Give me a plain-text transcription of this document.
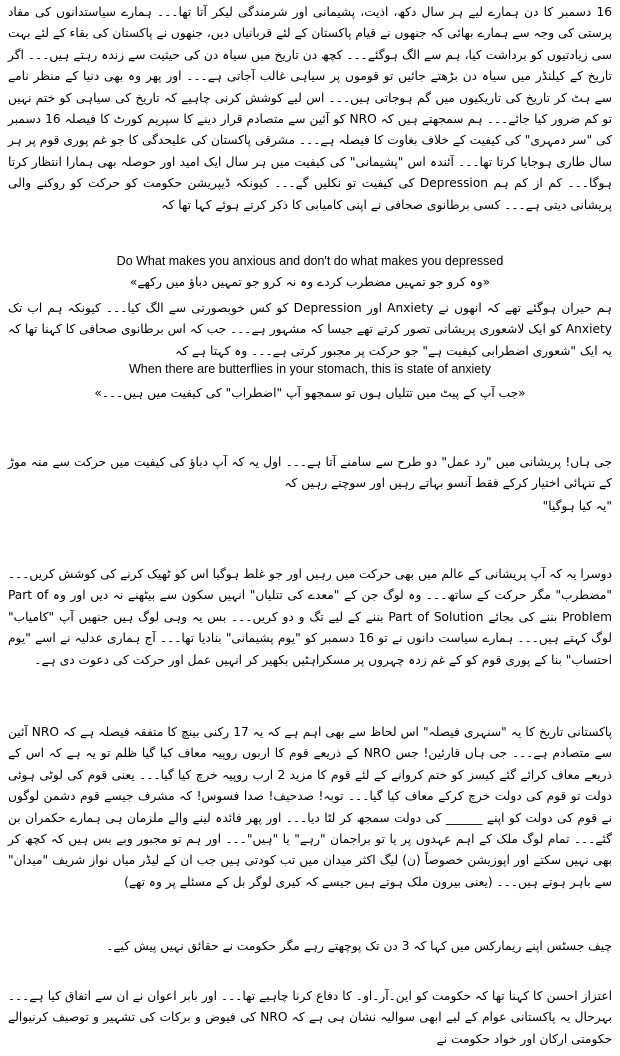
16 دسمبر کا دن ہمارے لیے ہر سال دکھ، اذیت، پشیمانی اور شرمندگی لیکر آتا تھا۔۔۔ ہمارے سیاستدانوں کی مفاد پرستی کی وجہ سے ہمارے بھائی کہ جنھوں نے قیام پاکستان کے لئے قربانیاں دیں، جنھوں نے پاکستان کی بقاء کے لئے بہت سی زیادتیوں کو برداشت کیا، ہم سے الگ ہوگئے۔۔۔ کچھ دن تاریخ میں سیاہ دن کی حیثیت سے زندہ رہتے ہیں۔۔۔ اگر تاریخ کے کیلنڈر میں سیاہ دن بڑھتے جائیں تو قوموں پر سیاہی غالب آجاتی ہے۔۔۔ اور پھر وہ بھی دنیا کے منظر نامے سے ہٹ کر تاریخ کی تاریکیوں میں گم ہوجاتی ہیں۔۔۔ اس لیے کوشش کرنی چاہیے کہ تاریخ کی سیاہی کو ختم نہیں تو کم ضرور کیا جائے۔۔۔ ہم سمجھتے ہیں کہ NRO کو آئین سے متصادم قرار دینے کا سپریم کورٹ کا فیصلہ 16 دسمبر کی "سر دمہری" کی کیفیت کے خلاف بغاوت کا فیصلہ ہے۔۔۔ مشرقی پاکستان کی علیحدگی کا جو غم پوری قوم پر ہر سال طاری ہوجایا کرتا تھا۔۔۔ آئندہ اس "پشیمانی" کی کیفیت میں ہر سال ایک امید اور حوصلہ بھی ہمارا انتظار کرتا ہوگا۔۔۔ کم از کم ہم Depression کی کیفیت تو نکلیں گے۔۔۔ کیونکہ ڈیپریشن حکومت کو حرکت کو روکنے والی پریشانی دیتی ہے۔۔۔ کسی برطانوی صحافی نے اپنی کامیابی کا ذکر کرتے ہوئے کہا تھا کہ

Do What makes you anxious and don't do what makes you depressed

«وہ کرو جو تمہیں مضطرب کردے وہ نہ کرو جو تمہیں دباؤ میں رکھے»

ہم حیران ہوگئے تھے کہ انھوں نے Anxiety اور Depression کو کس خوبصورتی سے الگ کیا۔۔۔ کیونکہ ہم اب تک Anxiety کو ایک لاشعوری پریشانی تصور کرتے تھے جیسا کہ مشہور ہے۔۔۔ جب کہ اس برطانوی صحافی کا کہنا تھا کہ یہ ایک "شعوری اضطرابی کیفیت ہے" جو حرکت پر مجبور کرتی ہے۔۔۔ وہ کہتا ہے کہ

When there are butterflies in your stomach, this is state of anxiety

«جب آپ کے پیٹ میں تتلیاں ہوں تو سمجھو آپ "اضطراب" کی کیفیت میں ہیں۔۔۔»

جی ہاں! پریشانی میں "رد عمل" دو طرح سے سامنے آتا ہے۔۔۔ اول یہ کہ آپ دباؤ کی کیفیت میں حرکت سے منہ موڑ کے تنہائی اختیار کرکے فقط آنسو بہاتے رہیں اور سوچتے رہیں کہ

"یہ کیا ہوگیا"

دوسرا یہ کہ آپ پریشانی کے عالم میں بھی حرکت میں رہیں اور جو غلط ہوگیا اس کو ٹھیک کرنے کی کوشش کریں۔۔۔ "مضطرب" مگر حرکت کے ساتھ۔۔۔ وہ لوگ جن کے "معدے کی تتلیاں" انہیں سکون سے بیٹھنے نہ دیں اور وہ Part of Problem بننے کی بجائے Part of Solution بننے کے لیے تگ و دو کریں۔۔۔ بس یہ وہی لوگ ہیں جنھیں آپ "کامیاب" لوگ کہتے ہیں۔۔۔ ہمارے سیاست دانوں نے تو 16 دسمبر کو "یوم پشیمانی" بنادیا تھا۔۔۔ آج ہماری عدلیہ نے اسے "یوم احتساب" بنا کے پوری قوم کو کے غم زدہ چہروں پر مسکراہٹیں بکھیر کر انہیں عمل اور حرکت کی دعوت دی ہے۔

پاکستانی تاریخ کا یہ "سنہری فیصلہ" اس لحاظ سے بھی اہم ہے کہ یہ 17 رکنی بینچ کا متفقہ فیصلہ ہے کہ NRO آئین سے متصادم ہے۔۔۔ جی ہاں قارئین! جس NRO کے ذریعے قوم کا اربوں روپیہ معاف کیا گیا ظلم تو یہ ہے کہ اس کے ذریعے معاف کرائے گئے کیسز کو ختم کروانے کے لئے قوم کا مزید 2 ارب روپیہ خرچ کیا گیا۔۔۔ یعنی قوم کی لوٹی ہوئی دولت تو قوم کی دولت خرچ کرکے معاف کیا گیا۔۔۔ توبہ! صدحیف! صدا فسوس! کہ مشرف جیسے قوم دشمن لوگوں نے قوم کی دولت کو اپنے ______ کی دولت سمجھ کر لٹا دیا۔۔۔ اور پھر فائدہ لینے والے ملزمان ہی ہمارے حکمران بن گئے۔۔۔ تمام لوگ ملک کے اہم عہدوں پر یا تو براجمان "رہے" یا "ہیں"۔۔۔ اور ہم تو مجبور وبے بس ہیں کہ کچھ کر بھی نہیں سکتے اور اپوزیشن خصوصاً (ن) لیگ اکثر میدان میں تب کودتی ہیں جب ان کے لیڈر میاں نواز شریف "میدان" سے باہر ہوتے ہیں۔۔۔ (یعنی بیرون ملک ہوتے ہیں جیسے کہ کیری لوگر بل کے مسئلے پر وہ تھے)

چیف جسٹس اپنے ریمارکس میں کہا کہ 3 دن تک پوچھتے رہے مگر حکومت نے حقائق نہیں پیش کیے۔

اعتزاز احسن کا کہنا تھا کہ حکومت کو این۔آر۔او۔ کا دفاع کرنا چاہیے تھا۔۔۔ اور بابر اعوان نے ان سے اتفاق کیا ہے۔۔۔ بہرحال یہ پاکستانی عوام کے لیے ابھی سوالیہ نشان ہی ہے کہ NRO کی فیوض و برکات کی تشہیر و توصیف کرنیوالے حکومتی ارکان اور خواد حکومت نے
